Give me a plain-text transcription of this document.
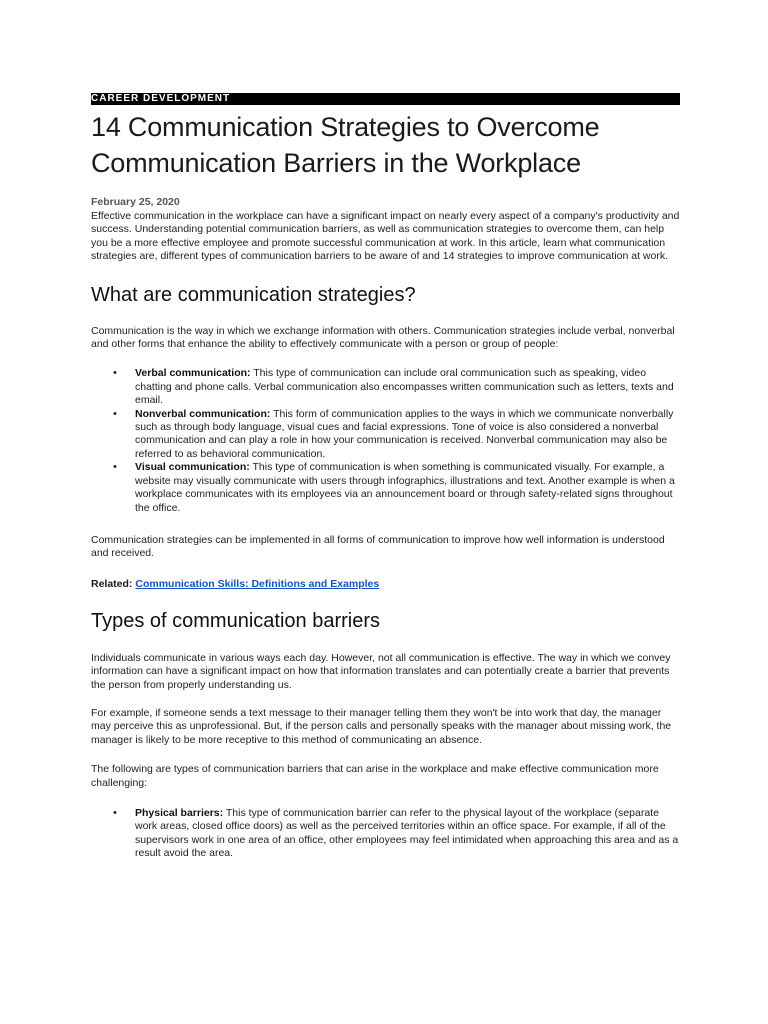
CAREER DEVELOPMENT
14 Communication Strategies to Overcome Communication Barriers in the Workplace
February 25, 2020

Effective communication in the workplace can have a significant impact on nearly every aspect of a company's productivity and success. Understanding potential communication barriers, as well as communication strategies to overcome them, can help you be a more effective employee and promote successful communication at work. In this article, learn what communication strategies are, different types of communication barriers to be aware of and 14 strategies to improve communication at work.

What are communication strategies?

Communication is the way in which we exchange information with others. Communication strategies include verbal, nonverbal and other forms that enhance the ability to effectively communicate with a person or group of people:

• Verbal communication: This type of communication can include oral communication such as speaking, video chatting and phone calls. Verbal communication also encompasses written communication such as letters, texts and email.
• Nonverbal communication: This form of communication applies to the ways in which we communicate nonverbally such as through body language, visual cues and facial expressions. Tone of voice is also considered a nonverbal communication and can play a role in how your communication is received. Nonverbal communication may also be referred to as behavioral communication.
• Visual communication: This type of communication is when something is communicated visually. For example, a website may visually communicate with users through infographics, illustrations and text. Another example is when a workplace communicates with its employees via an announcement board or through safety-related signs throughout the office.

Communication strategies can be implemented in all forms of communication to improve how well information is understood and received.

Related: Communication Skills: Definitions and Examples
Types of communication barriers

Individuals communicate in various ways each day. However, not all communication is effective. The way in which we convey information can have a significant impact on how that information translates and can potentially create a barrier that prevents the person from properly understanding us.

For example, if someone sends a text message to their manager telling them they won't be into work that day, the manager may perceive this as unprofessional. But, if the person calls and personally speaks with the manager about missing work, the manager is likely to be more receptive to this method of communicating an absence.

The following are types of communication barriers that can arise in the workplace and make effective communication more challenging:

• Physical barriers: This type of communication barrier can refer to the physical layout of the workplace (separate work areas, closed office doors) as well as the perceived territories within an office space. For example, if all of the supervisors work in one area of an office, other employees may feel intimidated when approaching this area and as a result avoid the area.
